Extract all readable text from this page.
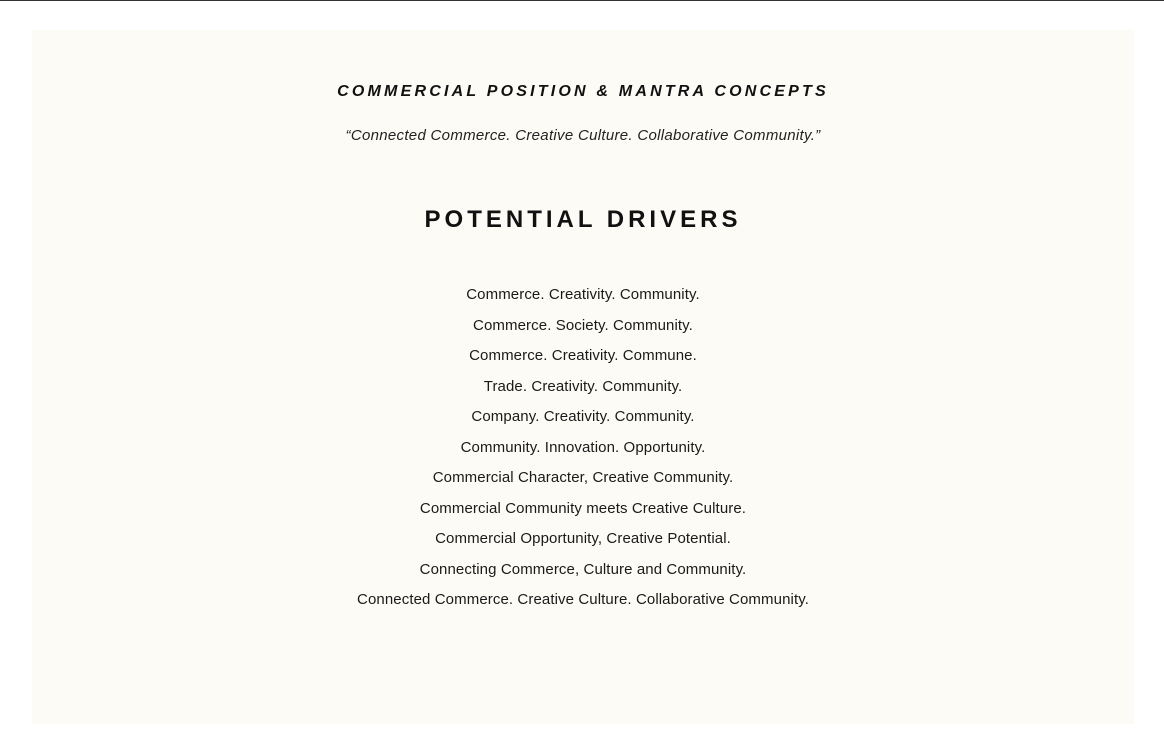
COMMERCIAL POSITION & MANTRA CONCEPTS
“Connected Commerce. Creative Culture. Collaborative Community.”
POTENTIAL DRIVERS
Commerce. Creativity. Community.
Commerce. Society. Community.
Commerce. Creativity. Commune.
Trade. Creativity. Community.
Company. Creativity. Community.
Community. Innovation. Opportunity.
Commercial Character, Creative Community.
Commercial Community meets Creative Culture.
Commercial Opportunity, Creative Potential.
Connecting Commerce, Culture and Community.
Connected Commerce. Creative Culture. Collaborative Community.
